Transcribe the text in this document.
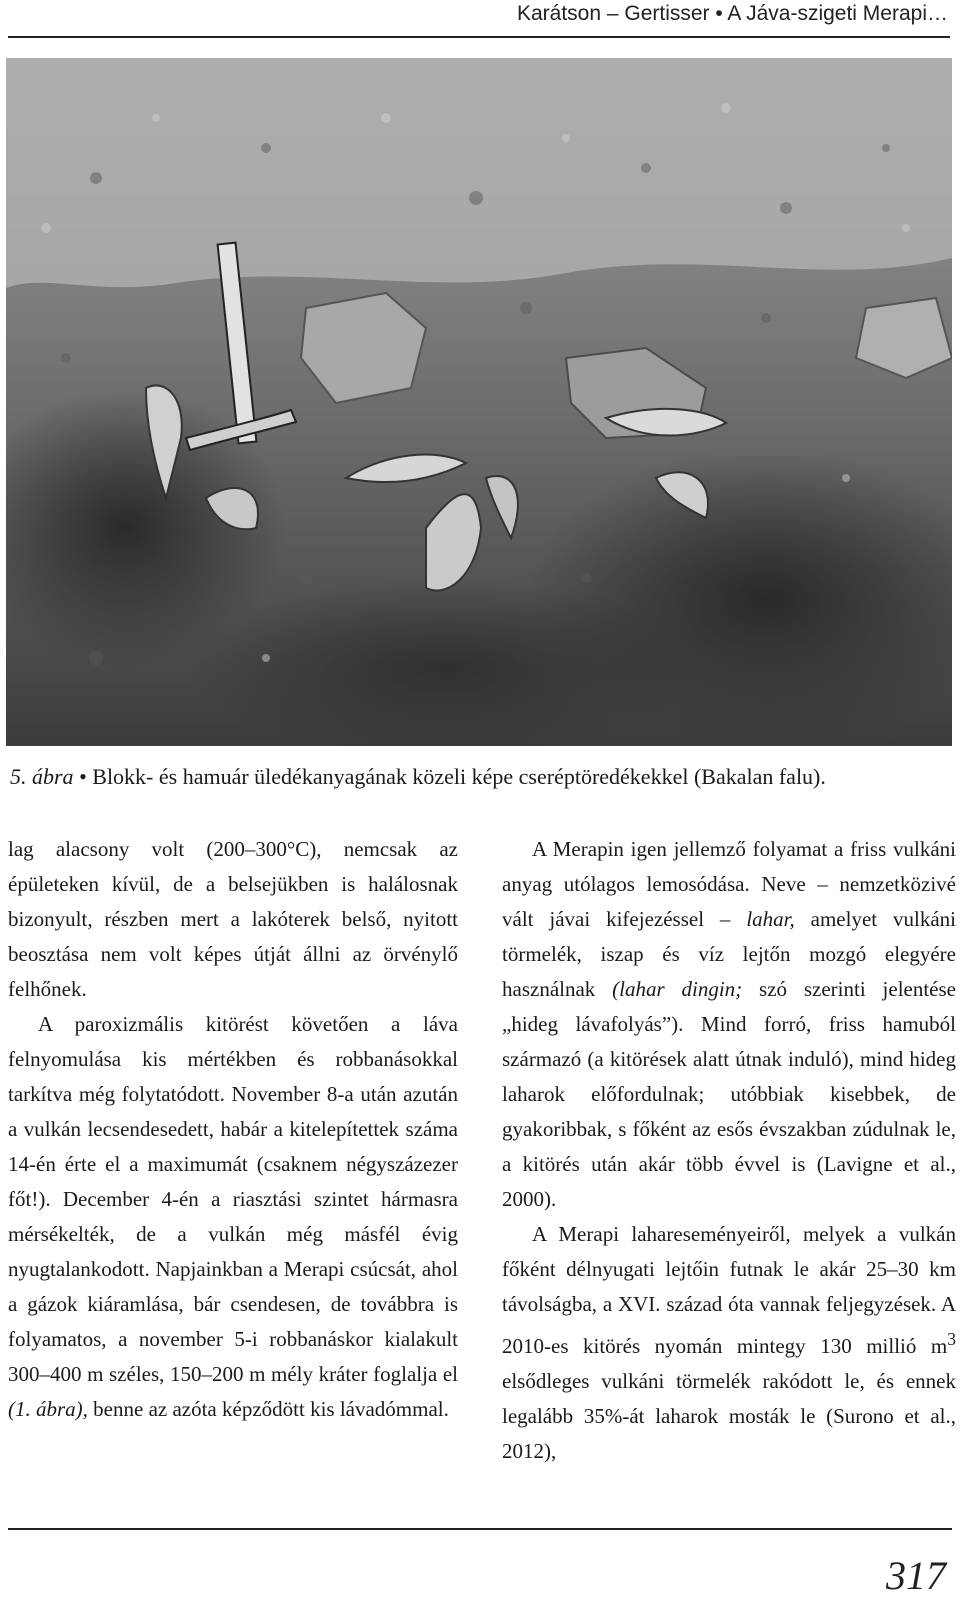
Karátson – Gertisser • A Jáva-szigeti Merapi…
5. ábra • Blokk- és hamuár üledékanyagának közeli képe cseréptöredékekkel (Bakalan falu).

lag alacsony volt (200–300°C), nemcsak az épületeken kívül, de a belsejükben is halálosnak bizonyult, részben mert a lakóterek belső, nyitott beosztása nem volt képes útját állni az örvénylő felhőnek.

A paroxizmális kitörést követően a láva felnyomulása kis mértékben és robbanásokkal tarkítva még folytatódott. November 8-a után azután a vulkán lecsendesedett, habár a kitelepítettek száma 14-én érte el a maximumát (csaknem négyszázezer főt!). December 4-én a riasztási szintet hármasra mérsékelték, de a vulkán még másfél évig nyugtalankodott. Napjainkban a Merapi csúcsát, ahol a gázok kiáramlása, bár csendesen, de továbbra is folyamatos, a november 5-i robbanáskor kialakult 300–400 m széles, 150–200 m mély kráter foglalja el (1. ábra), benne az azóta képződött kis lávadómmal.

A Merapin igen jellemző folyamat a friss vulkáni anyag utólagos lemosódása. Neve – nemzetközivé vált jávai kifejezéssel – lahar, amelyet vulkáni törmelék, iszap és víz lejtőn mozgó elegyére használnak (lahar dingin; szó szerinti jelentése „hideg lávafolyás”). Mind forró, friss hamuból származó (a kitörések alatt útnak induló), mind hideg laharok előfordulnak; utóbbiak kisebbek, de gyakoribbak, s főként az esős évszakban zúdulnak le, a kitörés után akár több évvel is (Lavigne et al., 2000).

A Merapi lahareseményeiről, melyek a vulkán főként délnyugati lejtőin futnak le akár 25–30 km távolságba, a XVI. század óta vannak feljegyzések. A 2010-es kitörés nyomán mintegy 130 millió $m^3$ elsődleges vulkáni törmelék rakódott le, és ennek legalább 35%-át laharok mosták le (Surono et al., 2012),

317
